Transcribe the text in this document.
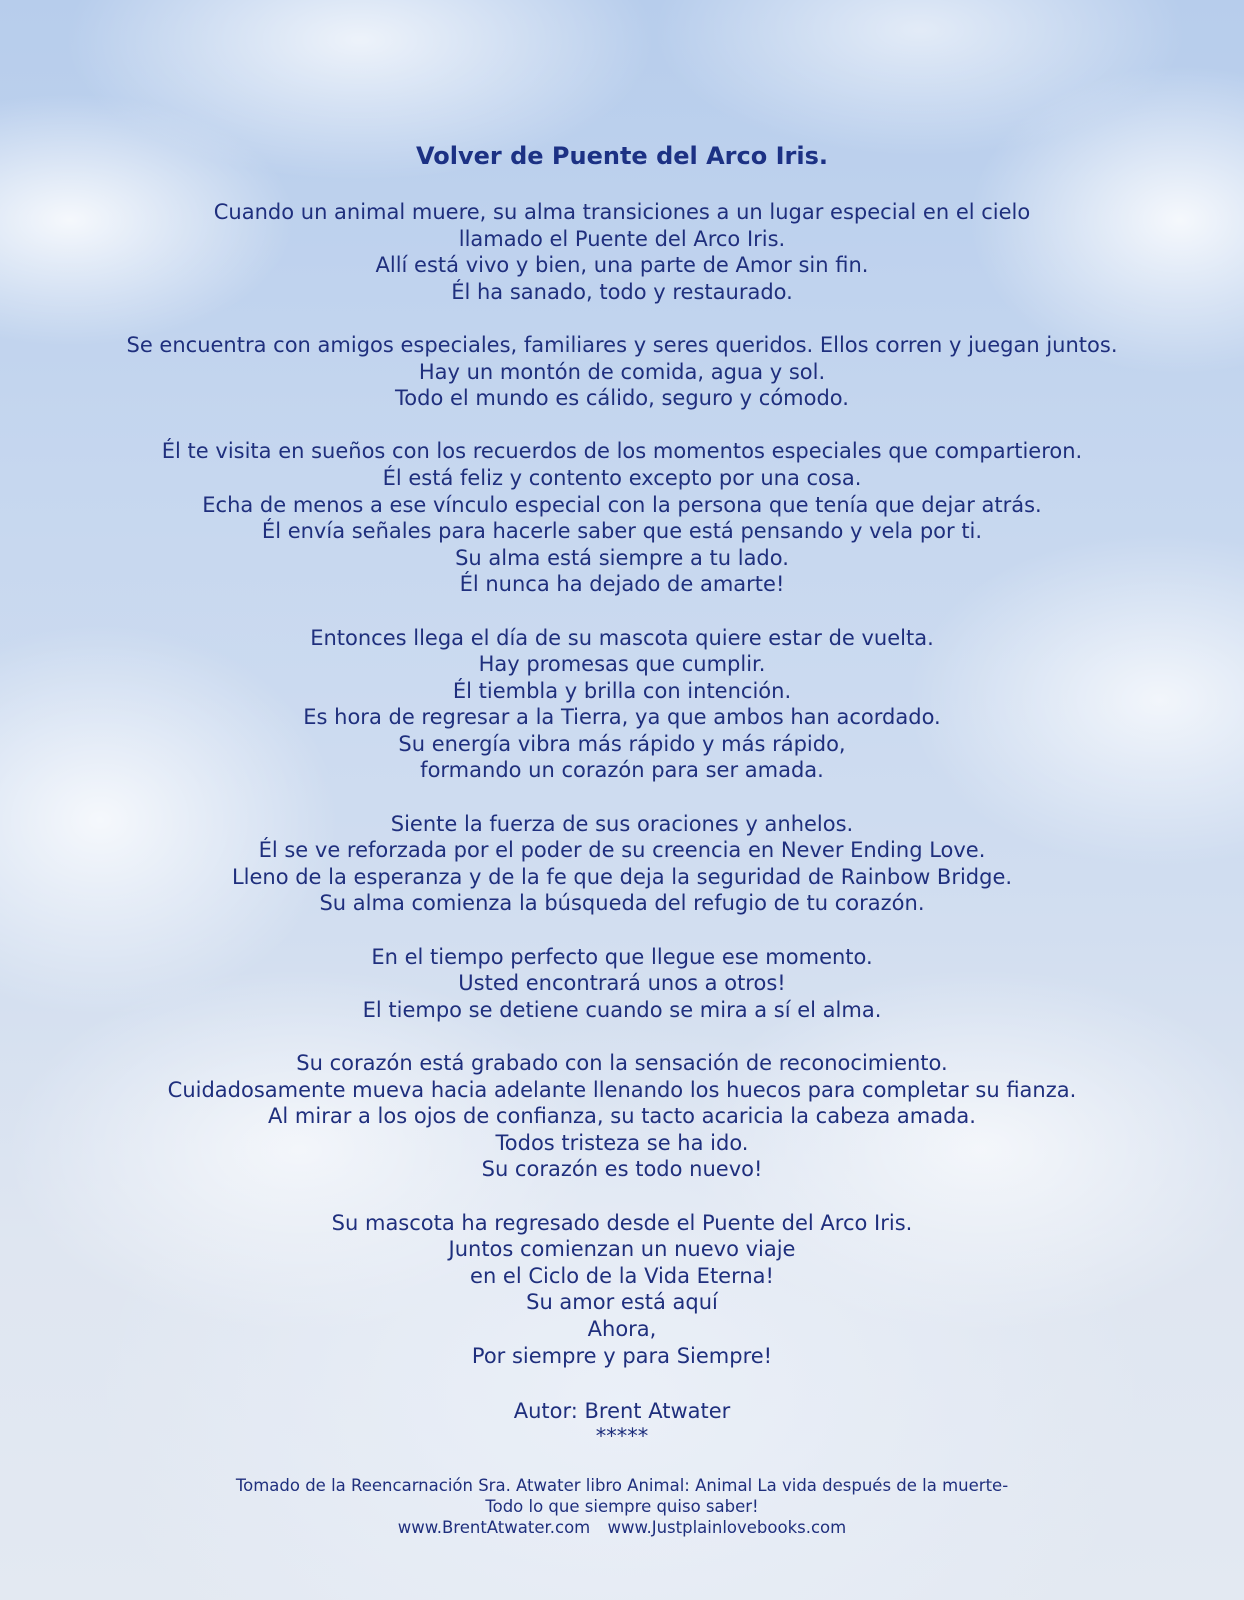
Volver de Puente del Arco Iris.
Cuando un animal muere, su alma transiciones a un lugar especial en el cielo
llamado el Puente del Arco Iris.
Allí está vivo y bien, una parte de Amor sin fin.
Él ha sanado, todo y restaurado.
Se encuentra con amigos especiales, familiares y seres queridos. Ellos corren y juegan juntos.
Hay un montón de comida, agua y sol.
Todo el mundo es cálido, seguro y cómodo.
Él te visita en sueños con los recuerdos de los momentos especiales que compartieron.
Él está feliz y contento excepto por una cosa.
Echa de menos a ese vínculo especial con la persona que tenía que dejar atrás.
Él envía señales para hacerle saber que está pensando y vela por ti.
Su alma está siempre a tu lado.
Él nunca ha dejado de amarte!
Entonces llega el día de su mascota quiere estar de vuelta.
Hay promesas que cumplir.
Él tiembla y brilla con intención.
Es hora de regresar a la Tierra, ya que ambos han acordado.
Su energía vibra más rápido y más rápido,
formando un corazón para ser amada.
Siente la fuerza de sus oraciones y anhelos.
Él se ve reforzada por el poder de su creencia en Never Ending Love.
Lleno de la esperanza y de la fe que deja la seguridad de Rainbow Bridge.
Su alma comienza la búsqueda del refugio de tu corazón.
En el tiempo perfecto que llegue ese momento.
Usted encontrará unos a otros!
El tiempo se detiene cuando se mira a sí el alma.
Su corazón está grabado con la sensación de reconocimiento.
Cuidadosamente mueva hacia adelante llenando los huecos para completar su fianza.
Al mirar a los ojos de confianza, su tacto acaricia la cabeza amada.
Todos tristeza se ha ido.
Su corazón es todo nuevo!
Su mascota ha regresado desde el Puente del Arco Iris.
Juntos comienzan un nuevo viaje
en el Ciclo de la Vida Eterna!
Su amor está aquí
Ahora,
Por siempre y para Siempre!
Autor: Brent Atwater
*****
Tomado de la Reencarnación Sra. Atwater libro Animal: Animal La vida después de la muerte-
Todo lo que siempre quiso saber!
www.BrentAtwater.com www.Justplainlovebooks.com
